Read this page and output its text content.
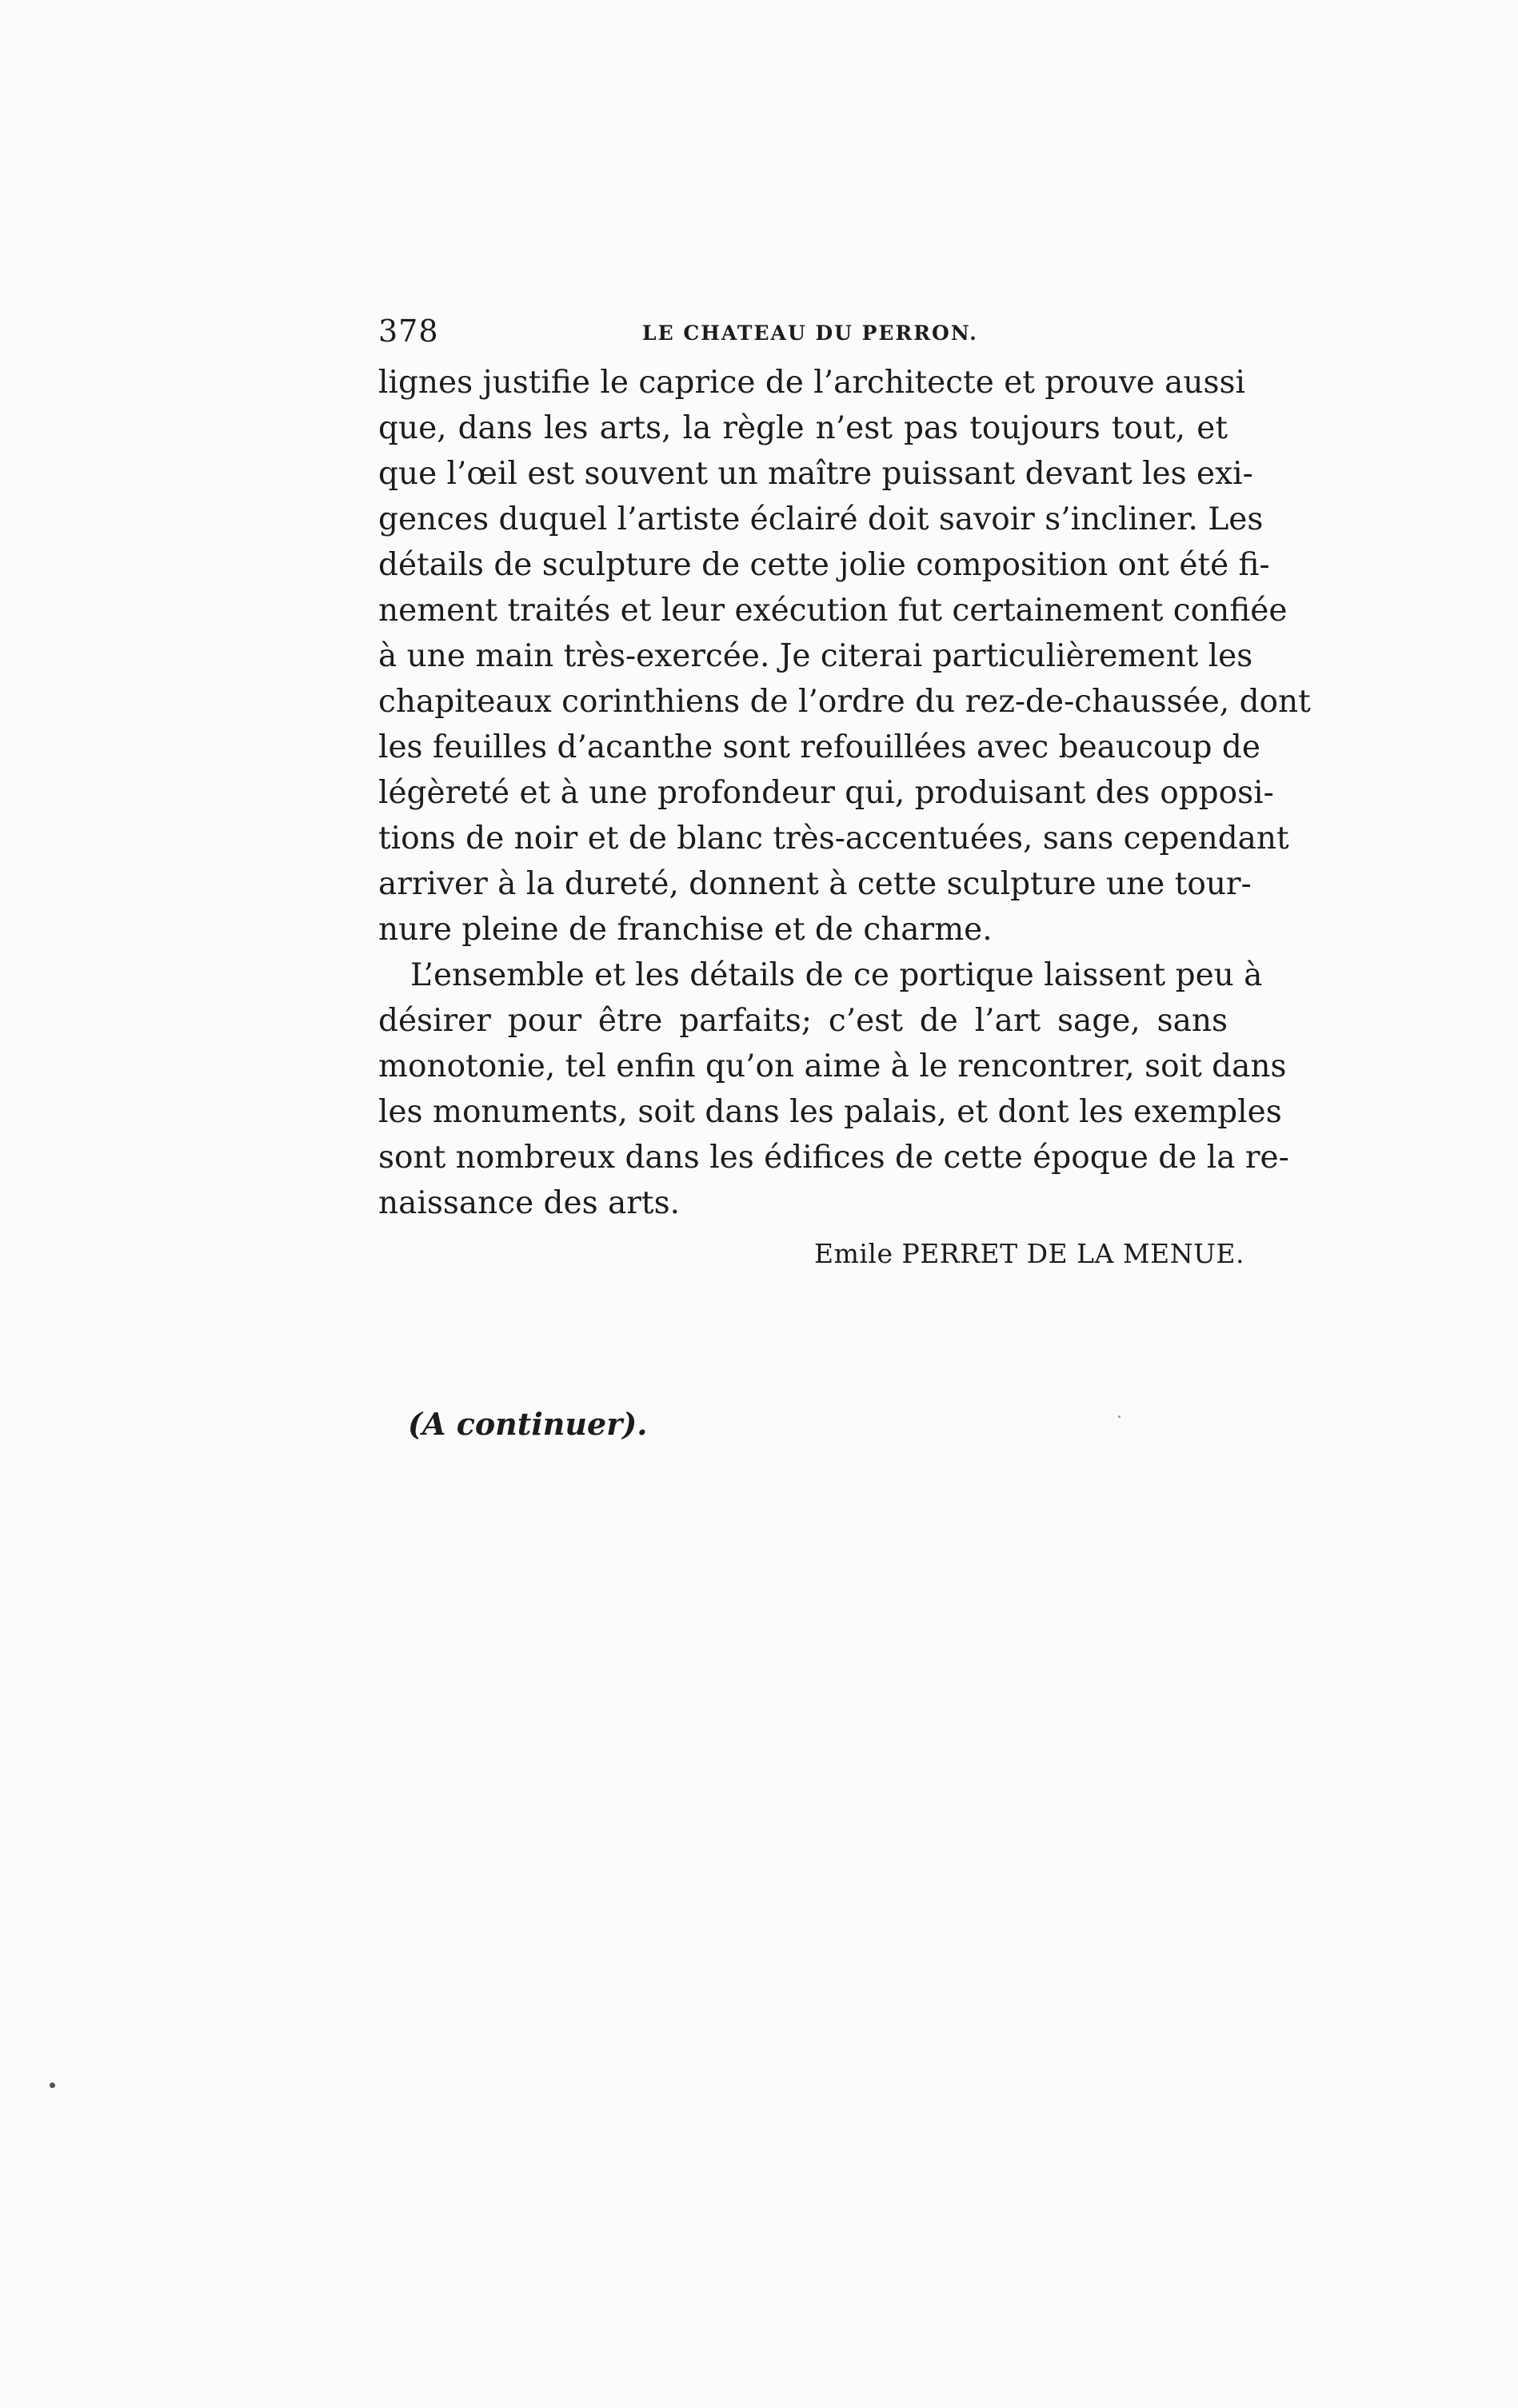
378	LE CHATEAU DU PERRON.
lignes justifie le caprice de l’architecte et prouve aussi
que, dans les arts, la règle n’est pas toujours tout, et
que l’œil est souvent un maître puissant devant les exi-
gences duquel l’artiste éclairé doit savoir s’incliner. Les
détails de sculpture de cette jolie composition ont été fi-
nement traités et leur exécution fut certainement confiée
à une main très-exercée. Je citerai particulièrement les
chapiteaux corinthiens de l’ordre du rez-de-chaussée, dont
les feuilles d’acanthe sont refouillées avec beaucoup de
légèreté et à une profondeur qui, produisant des opposi-
tions de noir et de blanc très-accentuées, sans cependant
arriver à la dureté, donnent à cette sculpture une tour-
nure pleine de franchise et de charme.
L’ensemble et les détails de ce portique laissent peu à
désirer pour être parfaits; c’est de l’art sage, sans
monotonie, tel enfin qu’on aime à le rencontrer, soit dans
les monuments, soit dans les palais, et dont les exemples
sont nombreux dans les édifices de cette époque de la re-
naissance des arts.
Emile PERRET DE LA MENUE.
(A continuer).
